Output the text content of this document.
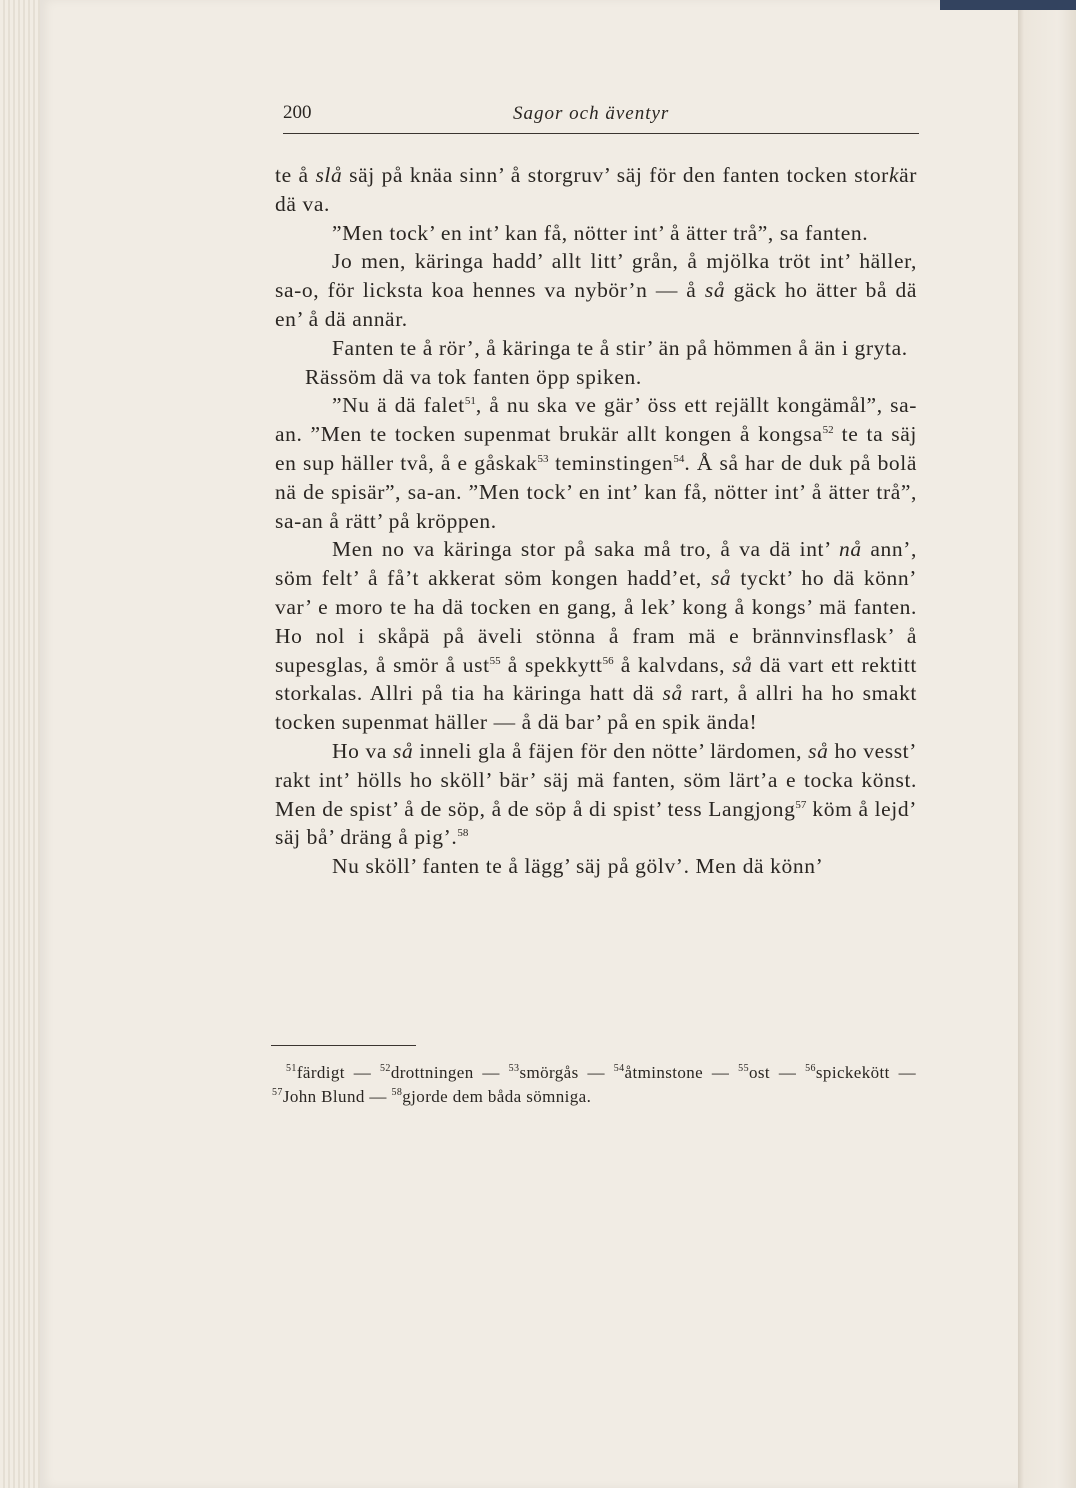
200	Sagor och äventyr

te å slå säj på knäa sinn’ å storgruv’ säj för den fanten tocken storkär dä va.

”Men tock’ en int’ kan få, nötter int’ å ätter trå”, sa fanten.

Jo men, käringa hadd’ allt litt’ grån, å mjölka tröt int’ häller, sa-o, för licksta koa hennes va nybör’n — å så gäck ho ätter bå dä en’ å dä annär.

Fanten te å rör’, å käringa te å stir’ än på hömmen å än i gryta.

Rässöm dä va tok fanten öpp spiken.

”Nu ä dä falet$^{51}$, å nu ska ve gär’ öss ett rejällt kongämål”, sa-an. ”Men te tocken supenmat brukär allt kongen å kongsa$^{52}$ te ta säj en sup häller två, å e gåskak$^{53}$ teminstingen$^{54}$. Å så har de duk på bolä nä de spisär”, sa-an. ”Men tock’ en int’ kan få, nötter int’ å ätter trå”, sa-an å rätt’ på kröppen.

Men no va käringa stor på saka må tro, å va dä int’ nå ann’, söm felt’ å få’t akkerat söm kongen hadd’et, så tyckt’ ho dä könn’ var’ e moro te ha dä tocken en gang, å lek’ kong å kongs’ mä fanten. Ho nol i skåpä på äveli stönna å fram mä e brännvinsflask’ å supesglas, å smör å ust$^{55}$ å spekkytt$^{56}$ å kalvdans, så dä vart ett rektitt storkalas. Allri på tia ha käringa hatt dä så rart, å allri ha ho smakt tocken supenmat häller — å dä bar’ på en spik ända!

Ho va så inneli gla å fäjen för den nötte’ lärdomen, så ho vesst’ rakt int’ hölls ho sköll’ bär’ säj mä fanten, söm lärt’a e tocka könst. Men de spist’ å de söp, å de söp å di spist’ tess Langjong$^{57}$ köm å lejd’ säj bå’ dräng å pig’.$^{58}$

Nu sköll’ fanten te å lägg’ säj på gölv’. Men dä könn’

$^{51}$färdigt — $^{52}$drottningen — $^{53}$smörgås — $^{54}$åtminstone — $^{55}$ost — $^{56}$spickekött — $^{57}$John Blund — $^{58}$gjorde dem båda sömniga.
